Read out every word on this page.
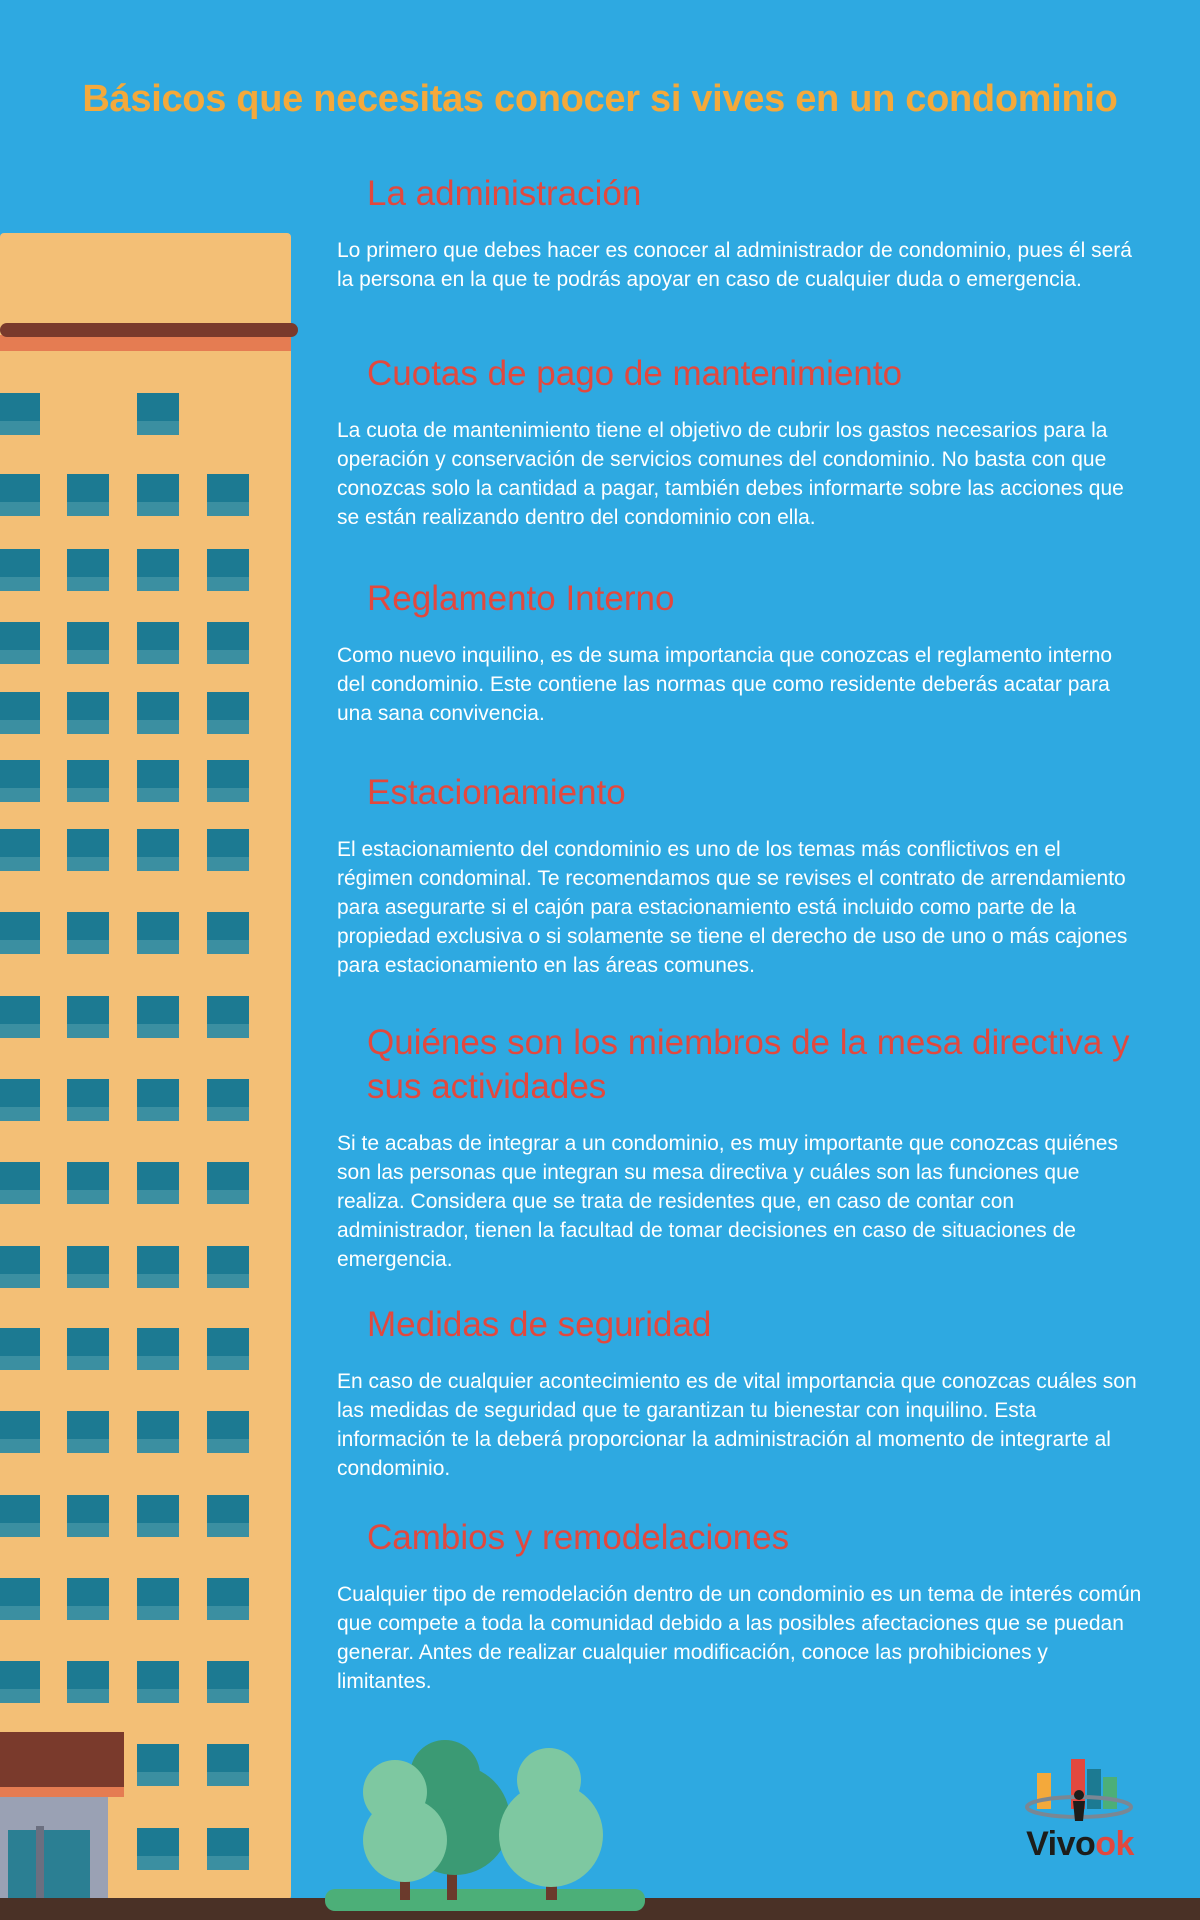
Básicos que necesitas conocer si vives en un condominio
La administración

Lo primero que debes hacer es conocer al administrador de condominio, pues él será la persona en la que te podrás apoyar en caso de cualquier duda o emergencia.

Cuotas de pago de mantenimiento

La cuota de mantenimiento tiene el objetivo de cubrir los gastos necesarios para la operación y conservación de servicios comunes del condominio. No basta con que conozcas solo la cantidad a pagar, también debes informarte sobre las acciones que se están realizando dentro del condominio con ella.

Reglamento Interno

Como nuevo inquilino, es de suma importancia que conozcas el reglamento interno del condominio. Este contiene las normas que como residente deberás acatar para una sana convivencia.

Estacionamiento

El estacionamiento del condominio es uno de los temas más conflictivos en el régimen condominal. Te recomendamos que se revises el contrato de arrendamiento para asegurarte si el cajón para estacionamiento está incluido como parte de la propiedad exclusiva o si solamente se tiene el derecho de uso de uno o más cajones para estacionamiento en las áreas comunes.

Quiénes son los miembros de la mesa directiva y sus actividades

Si te acabas de integrar a un condominio, es muy importante que conozcas quiénes son las personas que integran su mesa directiva y cuáles son las funciones que realiza. Considera que se trata de residentes que, en caso de contar con administrador, tienen la facultad de tomar decisiones en caso de situaciones de emergencia.

Medidas de seguridad

En caso de cualquier acontecimiento es de vital importancia que conozcas cuáles son las medidas de seguridad que te garantizan tu bienestar con inquilino. Esta información te la deberá proporcionar la administración al momento de integrarte al condominio.

Cambios y remodelaciones

Cualquier tipo de remodelación dentro de un condominio es un tema de interés común que compete a toda la comunidad debido a las posibles afectaciones que se puedan generar. Antes de realizar cualquier modificación, conoce las prohibiciones y limitantes.

Vivook
